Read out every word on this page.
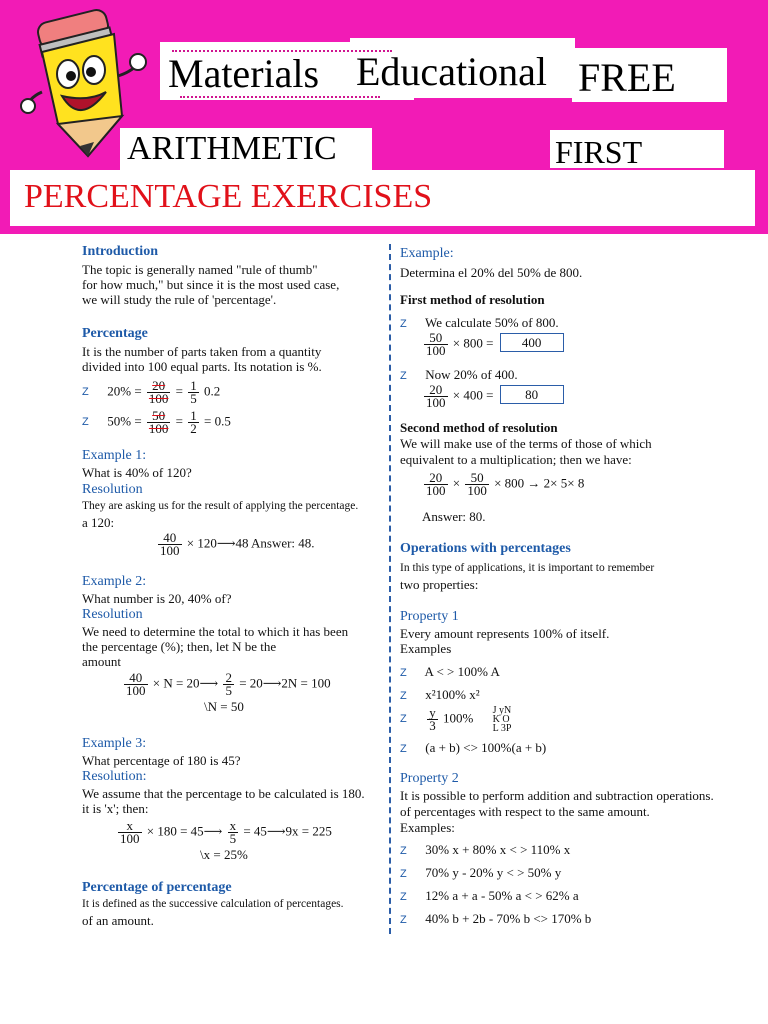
Materials Educational FREE
ARITHMETIC	FIRST
PERCENTAGE EXERCISES
Introduction
The topic is generally named "rule of thumb"
for how much," but since it is the most used case,
we will study the rule of 'percentage'.
Percentage
It is the number of parts taken from a quantity
divided into 100 equal parts. Its notation is %.
Z $20\% = \frac{20}{100} = \frac{1}{5} 0.2$
Z $50\% = \frac{50}{100} = \frac{1}{2} = 0.5$
Example 1:
What is 40% of 120?
Resolution
They are asking us for the result of applying the percentage.
a 120:
$\frac{40}{100}$ × 120⟶48 Answer: 48.
Example 2:
What number is 20, 40% of?
Resolution
We need to determine the total to which it has been
the percentage (%); then, let N be the
amount
$\frac{40}{100} \times N$ = 20⟶ $\frac{2}{5}$ = 20⟶2N = 100
\N = 50
Example 3:
What percentage of 180 is 45?
Resolution:
We assume that the percentage to be calculated is 180.
it is 'x'; then:
$\frac{x}{100} \times 180$ = 45⟶ $\frac{x}{5}$ = 45⟶9x = 225
\x = 25%
Percentage of percentage
It is defined as the successive calculation of percentages.
of an amount.
Example:
Determina el 20% del 50% de 800.
First method of resolution
Z We calculate 50% of 800.
$\frac{50}{100} \times 800 = 400$
Z Now 20% of 400.
$\frac{20}{100} \times 400 = 80$
Second method of resolution
We will make use of the terms of those of which
equivalent to a multiplication; then we have:
$\frac{20}{100} \times \frac{50}{100} \times 800 \to 2\times 5\times 8$
Answer: 80.
Operations with percentages
In this type of applications, it is important to remember
two properties:
Property 1
Every amount represents 100% of itself.
Examples
Z A < > 100% A
Z x²100% x²
Z $\frac{y}{3} 100\%$ J yN
K O
L 3P
Z (a + b) <> 100%(a + b)
Property 2
It is possible to perform addition and subtraction operations.
of percentages with respect to the same amount.
Examples:
Z 30% x + 80% x < > 110% x
Z 70% y - 20% y < > 50% y
Z 12% a + a - 50% a < > 62% a
Z 40% b + 2b - 70% b <> 170% b
